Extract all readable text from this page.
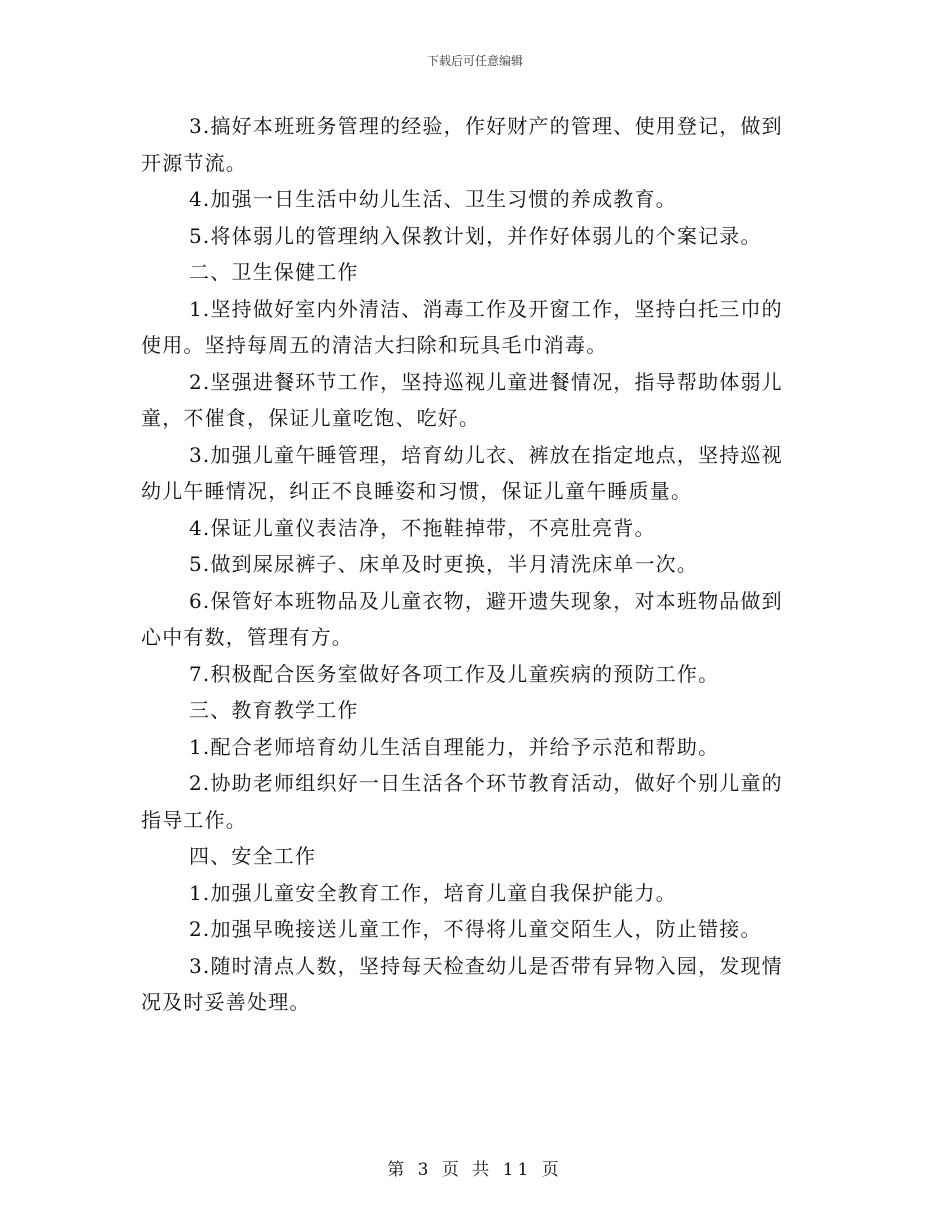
下载后可任意编辑

3.搞好本班班务管理的经验，作好财产的管理、使用登记，做到开源节流。

4.加强一日生活中幼儿生活、卫生习惯的养成教育。

5.将体弱儿的管理纳入保教计划，并作好体弱儿的个案记录。

二、卫生保健工作

1.坚持做好室内外清洁、消毒工作及开窗工作，坚持白托三巾的使用。坚持每周五的清洁大扫除和玩具毛巾消毒。

2.坚强进餐环节工作，坚持巡视儿童进餐情况，指导帮助体弱儿童，不催食，保证儿童吃饱、吃好。

3.加强儿童午睡管理，培育幼儿衣、裤放在指定地点，坚持巡视幼儿午睡情况，纠正不良睡姿和习惯，保证儿童午睡质量。

4.保证儿童仪表洁净，不拖鞋掉带，不亮肚亮背。

5.做到屎尿裤子、床单及时更换，半月清洗床单一次。

6.保管好本班物品及儿童衣物，避开遗失现象，对本班物品做到心中有数，管理有方。

7.积极配合医务室做好各项工作及儿童疾病的预防工作。

三、教育教学工作

1.配合老师培育幼儿生活自理能力，并给予示范和帮助。

2.协助老师组织好一日生活各个环节教育活动，做好个别儿童的指导工作。

四、安全工作

1.加强儿童安全教育工作，培育儿童自我保护能力。

2.加强早晚接送儿童工作，不得将儿童交陌生人，防止错接。

3.随时清点人数，坚持每天检查幼儿是否带有异物入园，发现情况及时妥善处理。

第 3 页 共 11 页
